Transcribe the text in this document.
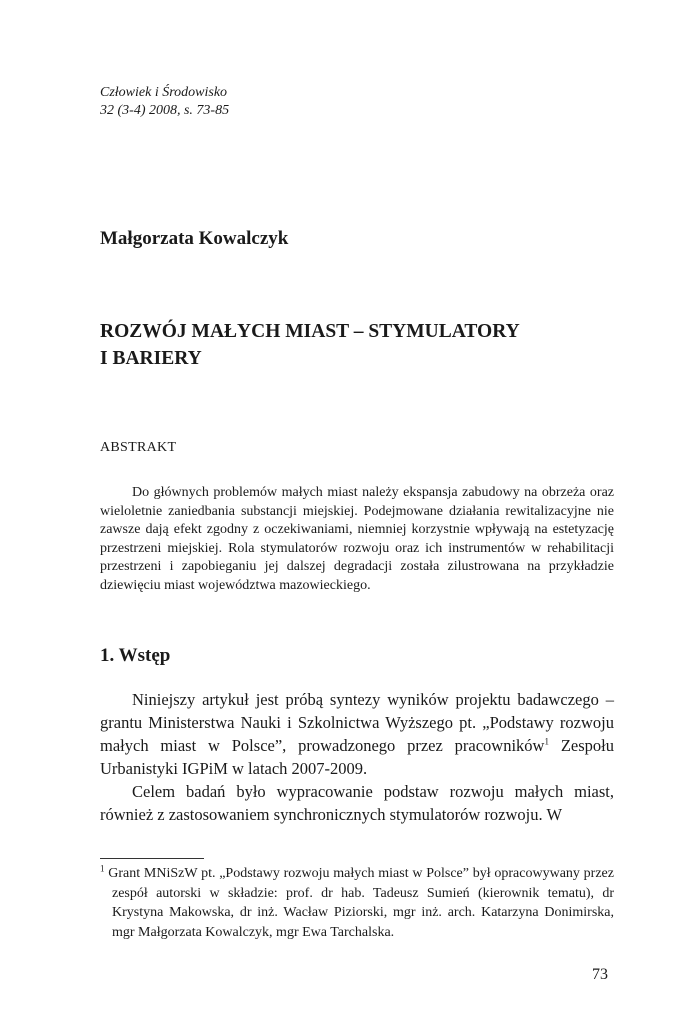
Człowiek i Środowisko
32 (3-4) 2008, s. 73-85
Małgorzata Kowalczyk
ROZWÓJ MAŁYCH MIAST – STYMULATORY
I BARIERY
ABSTRAKT

Do głównych problemów małych miast należy ekspansja zabudowy na obrzeża oraz wieloletnie zaniedbania substancji miejskiej. Podejmowane działania rewitalizacyjne nie zawsze dają efekt zgodny z oczekiwaniami, niemniej korzystnie wpływają na estetyzację przestrzeni miejskiej. Rola stymulatorów rozwoju oraz ich instrumentów w rehabilitacji przestrzeni i zapobieganiu jej dalszej degradacji została zilustrowana na przykładzie dziewięciu miast województwa mazowieckiego.

1. Wstęp

Niniejszy artykuł jest próbą syntezy wyników projektu badawczego – grantu Ministerstwa Nauki i Szkolnictwa Wyższego pt. „Podstawy rozwoju małych miast w Polsce”, prowadzonego przez pracowników$^1$ Zespołu Urbanistyki IGPiM w latach 2007-2009.

Celem badań było wypracowanie podstaw rozwoju małych miast, również z zastosowaniem synchronicznych stymulatorów rozwoju. W

$^1$ Grant MNiSzW pt. „Podstawy rozwoju małych miast w Polsce” był opracowywany przez zespół autorski w składzie: prof. dr hab. Tadeusz Sumień (kierownik tematu), dr Krystyna Makowska, dr inż. Wacław Piziorski, mgr inż. arch. Katarzyna Donimirska, mgr Małgorzata Kowalczyk, mgr Ewa Tarchalska.

73
